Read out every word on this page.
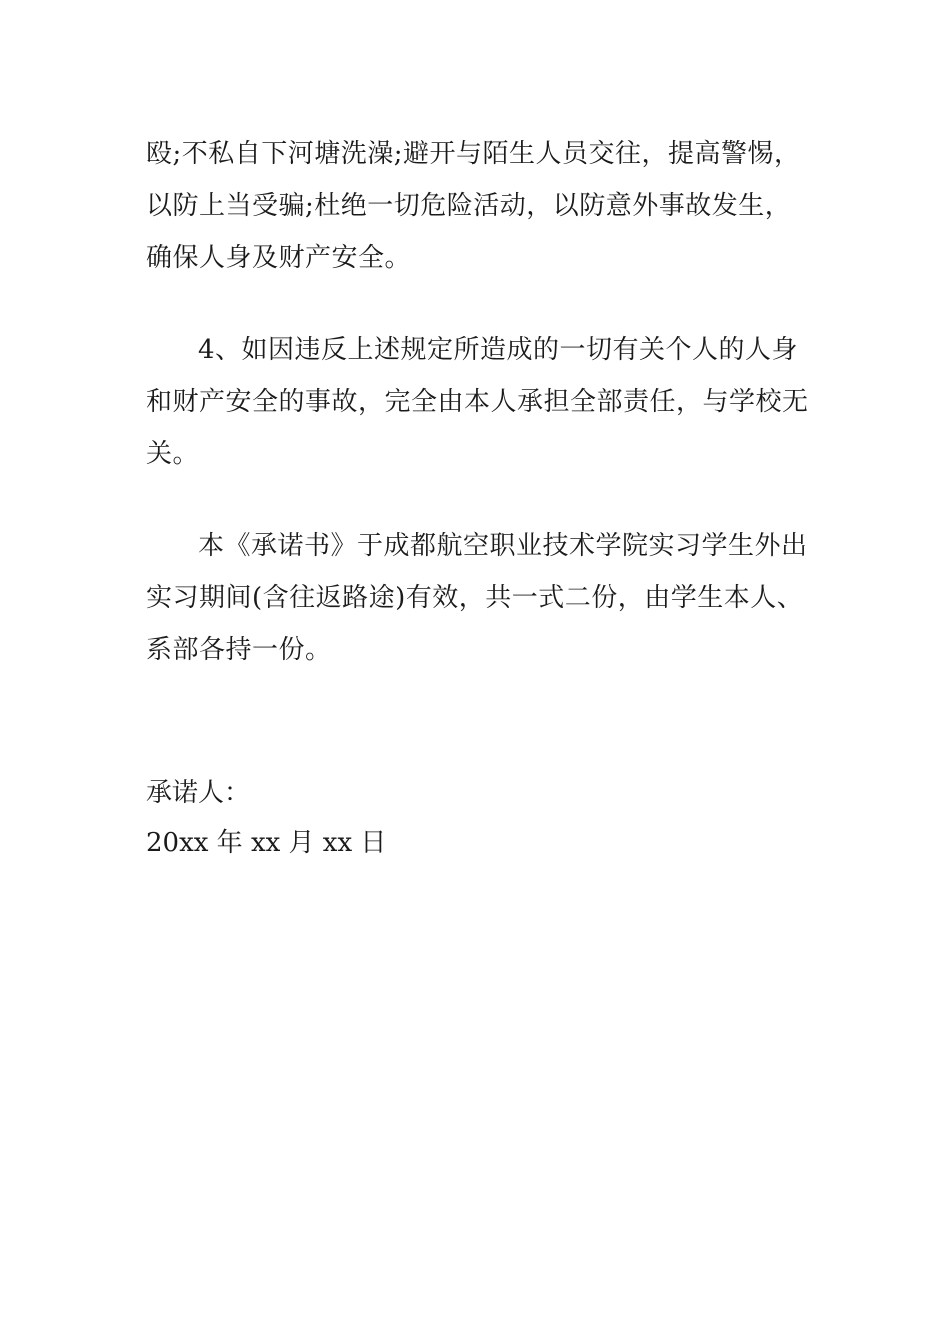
殴;不私自下河塘洗澡;避开与陌生人员交往，提高警惕，以防上当受骗;杜绝一切危险活动，以防意外事故发生，确保人身及财产安全。

4、如因违反上述规定所造成的一切有关个人的人身和财产安全的事故，完全由本人承担全部责任，与学校无关。

本《承诺书》于成都航空职业技术学院实习学生外出实习期间(含往返路途)有效，共一式二份，由学生本人、系部各持一份。

承诺人：

20xx 年 xx 月 xx 日
